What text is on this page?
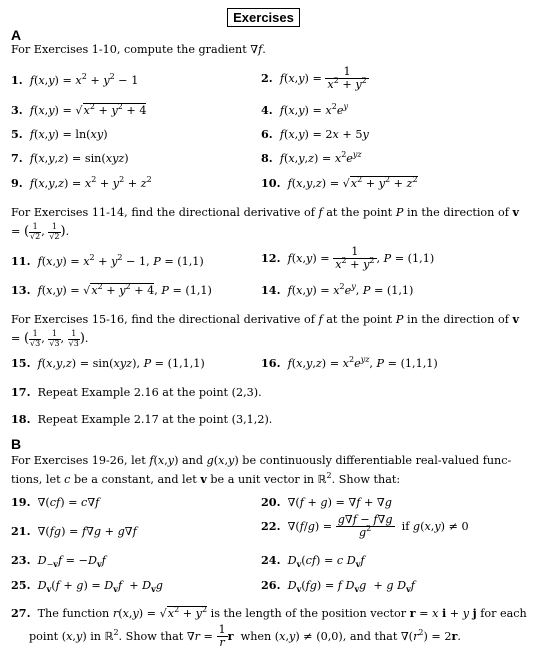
Exercises
A
For Exercises 1-10, compute the gradient ∇f.
1. $f(x,y) = x^2 + y^2 - 1$	2. $f(x,y) = \frac{1}{x^2 + y^2}$
3. $f(x,y) = √x^2 + y^2 + 4$	4. $f(x,y) = x^2e^y$
5. f(x,y) = ln(xy)	6. f(x,y) = 2x + 5y
7. f(x,y,z) = sin(xyz)	8. $f(x,y,z) = x^2e^{yz}$
9. $f(x,y,z) = x^2 + y^2 + z^2$	10. $f(x,y,z) = √x^2 + y^2 + z^2$
For Exercises 11-14, find the directional derivative of f at the point P in the direction of v = ( $\frac{1}{√2}$ , $\frac{1}{√2}$ ).
11. $f(x,y) = x^2 + y^2 - 1$, P = (1,1)	12. $f(x,y) = \frac{1}{x^2 + y^2}$ , P = (1,1)
13. $f(x,y) = √x^2 + y^2 + 4$, P = (1,1)	14. $f(x,y) = x^2e^y$, P = (1,1)
For Exercises 15-16, find the directional derivative of f at the point P in the direction of v = ( $\frac{1}{√3}$ , $\frac{1}{√3}$ , $\frac{1}{√3}$ ).
15. f(x,y,z) = sin(xyz), P = (1,1,1)	16. $f(x,y,z) = x^2e^{yz}$, P = (1,1,1)
17. Repeat Example 2.16 at the point (2,3).
18. Repeat Example 2.17 at the point (3,1,2).
B
For Exercises 19-26, let f(x,y) and g(x,y) be continuously differentiable real-valued func-
tions, let c be a constant, and let v be a unit vector in ℝ$^2$. Show that:
19.  ∇(cf) = c∇f	20.  ∇(f + g) = ∇f + ∇g
21.  ∇(fg) = f∇g + g∇f	22.  $\nabla(f/g) = \frac{g\nabla f - f\nabla g}{g^2}$ if g(x,y) ≠ 0
23. $D_{-v}f = -D_vf$	24. $D_v(cf) = c$ $D_vf$
25. $D_v(f + g) = D_vf + D_vg$	26. $D_v(fg) = f$ $D_vg + g$ $D_vf$
27.  The function $r(x,y) = √x^2 + y^2$ is the length of the position vector r = x i + y j for each
point (x,y) in ℝ$^2$. Show that $\nabla r = \frac{1}{r}$ r  when (x,y) ≠ (0,0), and that $\nabla(r^2) = 2r$.
